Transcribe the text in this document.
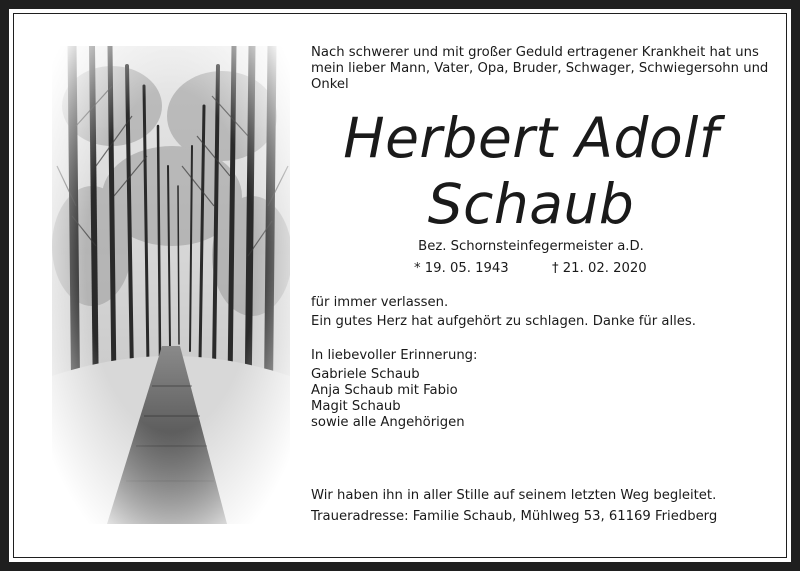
Nach schwerer und mit großer Geduld ertragener Krankheit hat uns
mein lieber Mann, Vater, Opa, Bruder, Schwager, Schwiegersohn und
Onkel
Herbert Adolf
Schaub
Bez. Schornsteinfegermeister a.D.
* 19. 05. 1943	† 21. 02. 2020
für immer verlassen.
Ein gutes Herz hat aufgehört zu schlagen. Danke für alles.
In liebevoller Erinnerung:
Gabriele Schaub
Anja Schaub mit Fabio
Magit Schaub
sowie alle Angehörigen
Wir haben ihn in aller Stille auf seinem letzten Weg begleitet.
Traueradresse: Familie Schaub, Mühlweg 53, 61169 Friedberg
